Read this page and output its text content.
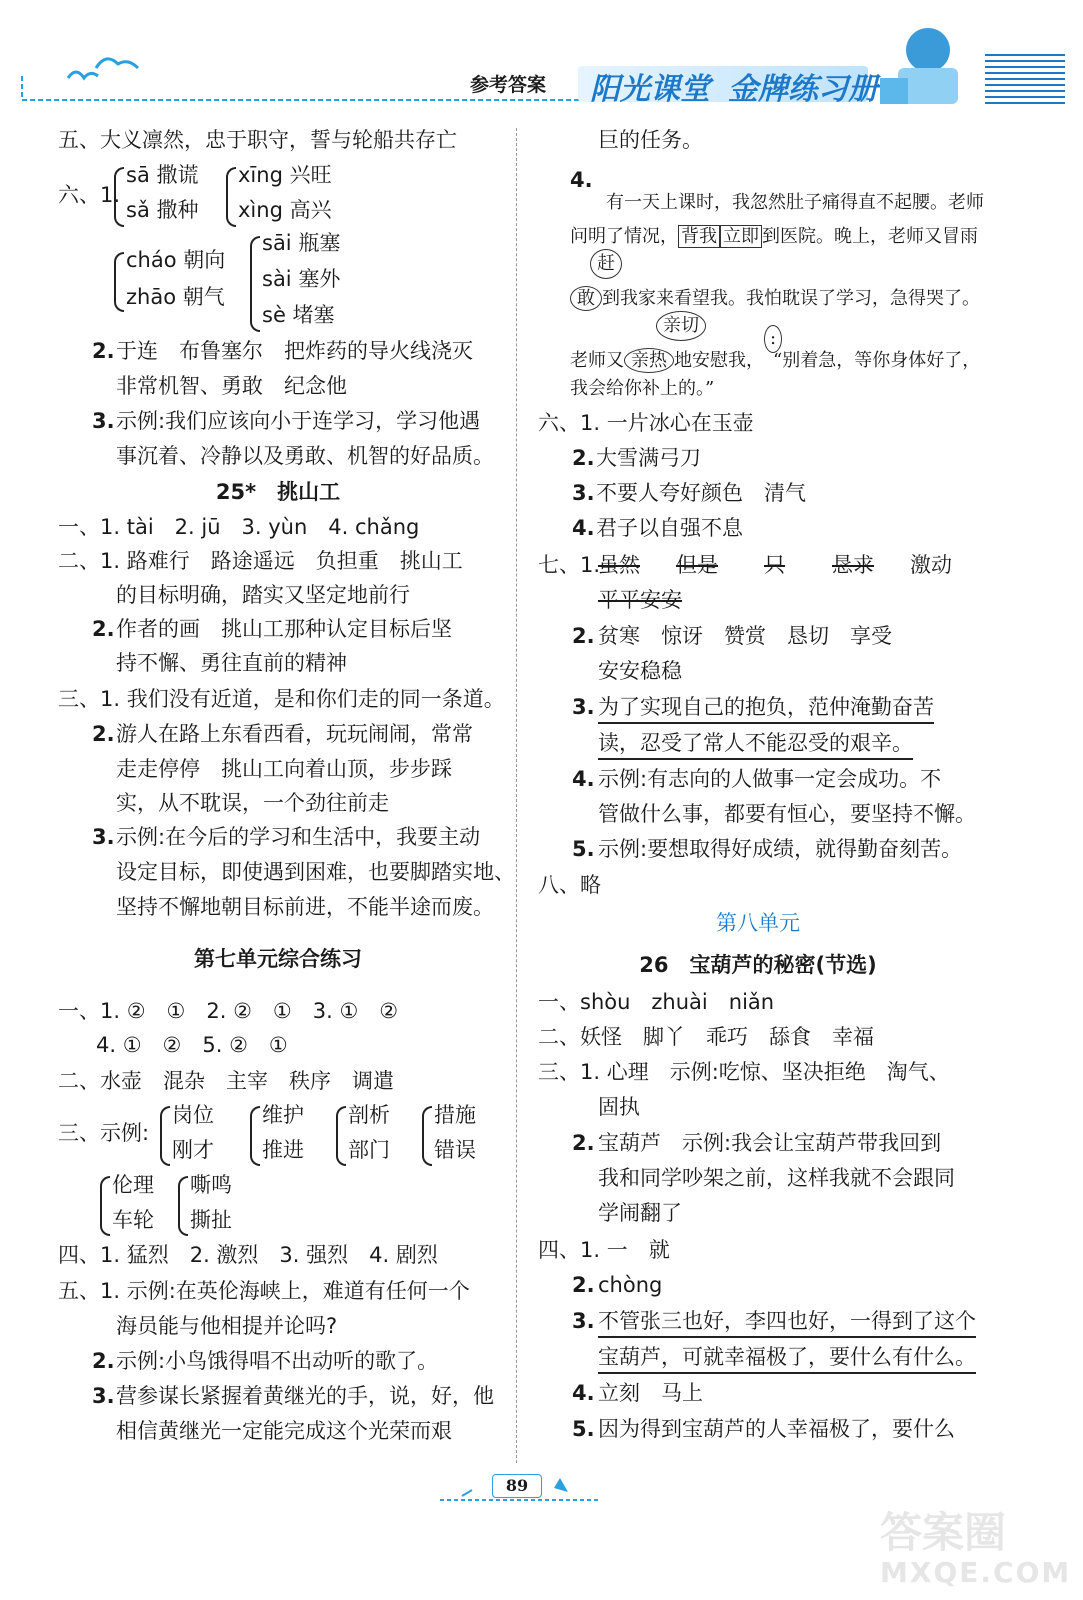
参考答案 阳光课堂 金牌练习册
五、大义凛然，忠于职守，誓与轮船共存亡
六、1.
sā 撒谎
sǎ 撒种
xīng 兴旺
xìng 高兴
cháo 朝向
zhāo 朝气
sāi 瓶塞
sài 塞外
sè 堵塞
2. 于连　布鲁塞尔　把炸药的导火线浇灭
非常机智、勇敢　纪念他
3. 示例:我们应该向小于连学习，学习他遇
事沉着、冷静以及勇敢、机智的好品质。
25*　挑山工
一、1. tài　2. jū　3. yùn　4. chǎng
二、1. 路难行　路途遥远　负担重　挑山工
的目标明确，踏实又坚定地前行
2. 作者的画　挑山工那种认定目标后坚
持不懈、勇往直前的精神
三、1. 我们没有近道，是和你们走的同一条道。
2. 游人在路上东看西看，玩玩闹闹，常常
走走停停　挑山工向着山顶，步步踩
实，从不耽误，一个劲往前走
3. 示例:在今后的学习和生活中，我要主动
设定目标，即使遇到困难，也要脚踏实地、
坚持不懈地朝目标前进，不能半途而废。
第七单元综合练习
一、1. ②　①　2. ②　①　3. ①　②
4. ①　②　5. ②　①
二、水壶　混杂　主宰　秩序　调遣
三、示例:
岗位
刚才
维护
推进
剖析
部门
措施
错误
伦理
车轮
嘶鸣
撕扯
四、1. 猛烈　2. 激烈　3. 强烈　4. 剧烈
五、1. 示例:在英伦海峡上，难道有任何一个
海员能与他相提并论吗?
2. 示例:小鸟饿得唱不出动听的歌了。
3. 营参谋长紧握着黄继光的手，说，好，他
相信黄继光一定能完成这个光荣而艰
巨的任务。
4.
有一天上课时，我忽然肚子痛得直不起腰。老师
问明了情况， 背我 立即 到医院。晚上，老师又冒雨
赶
敢 到我家来看望我。我怕耽误了学习，急得哭了。
亲切
:
老师又 亲热 地安慰我，　“别着急，等你身体好了，
我会给你补上的。”
六、1. 一片冰心在玉壶
2. 大雪满弓刀
3. 不要人夸好颜色　清气
4. 君子以自强不息
七、1.
虽然 但是 只 恳求 激动
平平安安
2. 贫寒　惊讶　赞赏　恳切　享受
安安稳稳
3. 为了实现自己的抱负，范仲淹勤奋苦
读，忍受了常人不能忍受的艰辛。
4. 示例:有志向的人做事一定会成功。不
管做什么事，都要有恒心，要坚持不懈。
5. 示例:要想取得好成绩，就得勤奋刻苦。
八、略
第八单元
26　宝葫芦的秘密(节选)
一、shòu　zhuài　niǎn
二、妖怪　脚丫　乖巧　舔食　幸福
三、1. 心理　示例:吃惊、坚决拒绝　淘气、
固执
2. 宝葫芦　示例:我会让宝葫芦带我回到
我和同学吵架之前，这样我就不会跟同
学闹翻了
四、1. 一　就
2. chòng
3. 不管张三也好，李四也好，一得到了这个
宝葫芦，可就幸福极了，要什么有什么。
4. 立刻　马上
5. 因为得到宝葫芦的人幸福极了，要什么
89
答案圈
MXQE.COM
